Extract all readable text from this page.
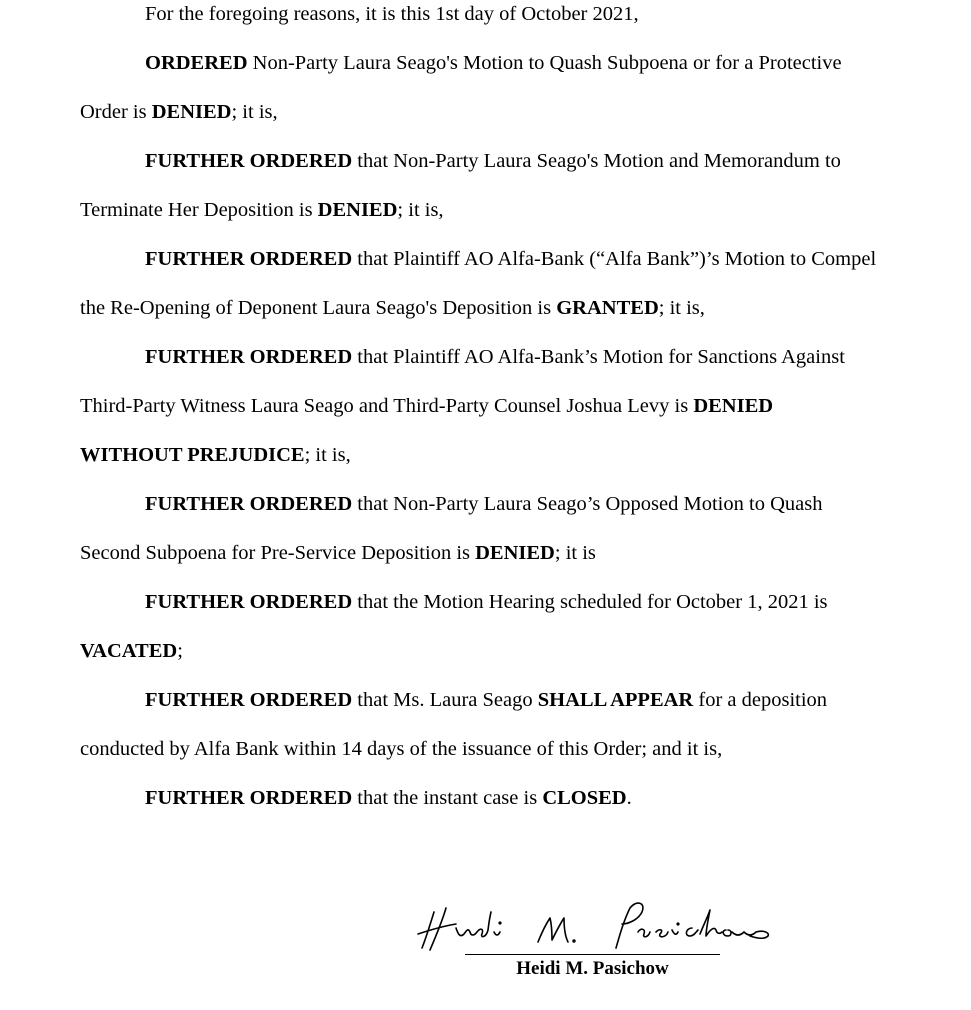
For the foregoing reasons, it is this 1st day of October 2021,
ORDERED Non-Party Laura Seago's Motion to Quash Subpoena or for a Protective
Order is DENIED; it is,
FURTHER ORDERED that Non-Party Laura Seago's Motion and Memorandum to
Terminate Her Deposition is DENIED; it is,
FURTHER ORDERED that Plaintiff AO Alfa-Bank (“Alfa Bank”)’s Motion to Compel
the Re-Opening of Deponent Laura Seago's Deposition is GRANTED; it is,
FURTHER ORDERED that Plaintiff AO Alfa-Bank’s Motion for Sanctions Against
Third-Party Witness Laura Seago and Third-Party Counsel Joshua Levy is DENIED
WITHOUT PREJUDICE; it is,
FURTHER ORDERED that Non-Party Laura Seago’s Opposed Motion to Quash
Second Subpoena for Pre-Service Deposition is DENIED; it is
FURTHER ORDERED that the Motion Hearing scheduled for October 1, 2021 is
VACATED;
FURTHER ORDERED that Ms. Laura Seago SHALL APPEAR for a deposition
conducted by Alfa Bank within 14 days of the issuance of this Order; and it is,
FURTHER ORDERED that the instant case is CLOSED.
Heidi M. Pasichow
